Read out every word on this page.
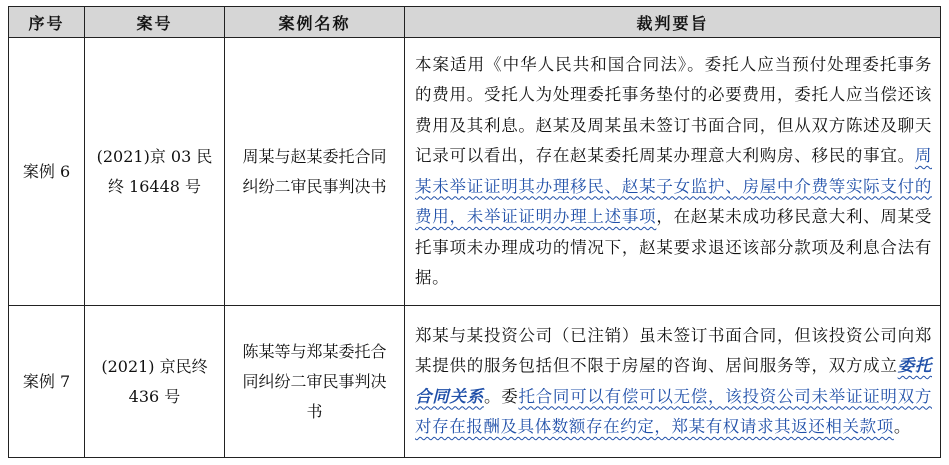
序号	案号	案例名称	裁判要旨
案例 6	(2021)京 03 民终 16448 号	周某与赵某委托合同纠纷二审民事判决书	本案适用《中华人民共和国合同法》。委托人应当预付处理委托事务的费用。受托人为处理委托事务垫付的必要费用，委托人应当偿还该费用及其利息。赵某及周某虽未签订书面合同，但从双方陈述及聊天记录可以看出，存在赵某委托周某办理意大利购房、移民的事宜。周某未举证证明其办理移民、赵某子女监护、房屋中介费等实际支付的费用，未举证证明办理上述事项，在赵某未成功移民意大利、周某受托事项未办理成功的情况下，赵某要求退还该部分款项及利息合法有据。
案例 7	(2021) 京民终 436 号	陈某等与郑某委托合同纠纷二审民事判决书	郑某与某投资公司（已注销）虽未签订书面合同，但该投资公司向郑某提供的服务包括但不限于房屋的咨询、居间服务等，双方成立委托合同关系。委托合同可以有偿可以无偿，该投资公司未举证证明双方对存在报酬及具体数额存在约定，郑某有权请求其返还相关款项。
